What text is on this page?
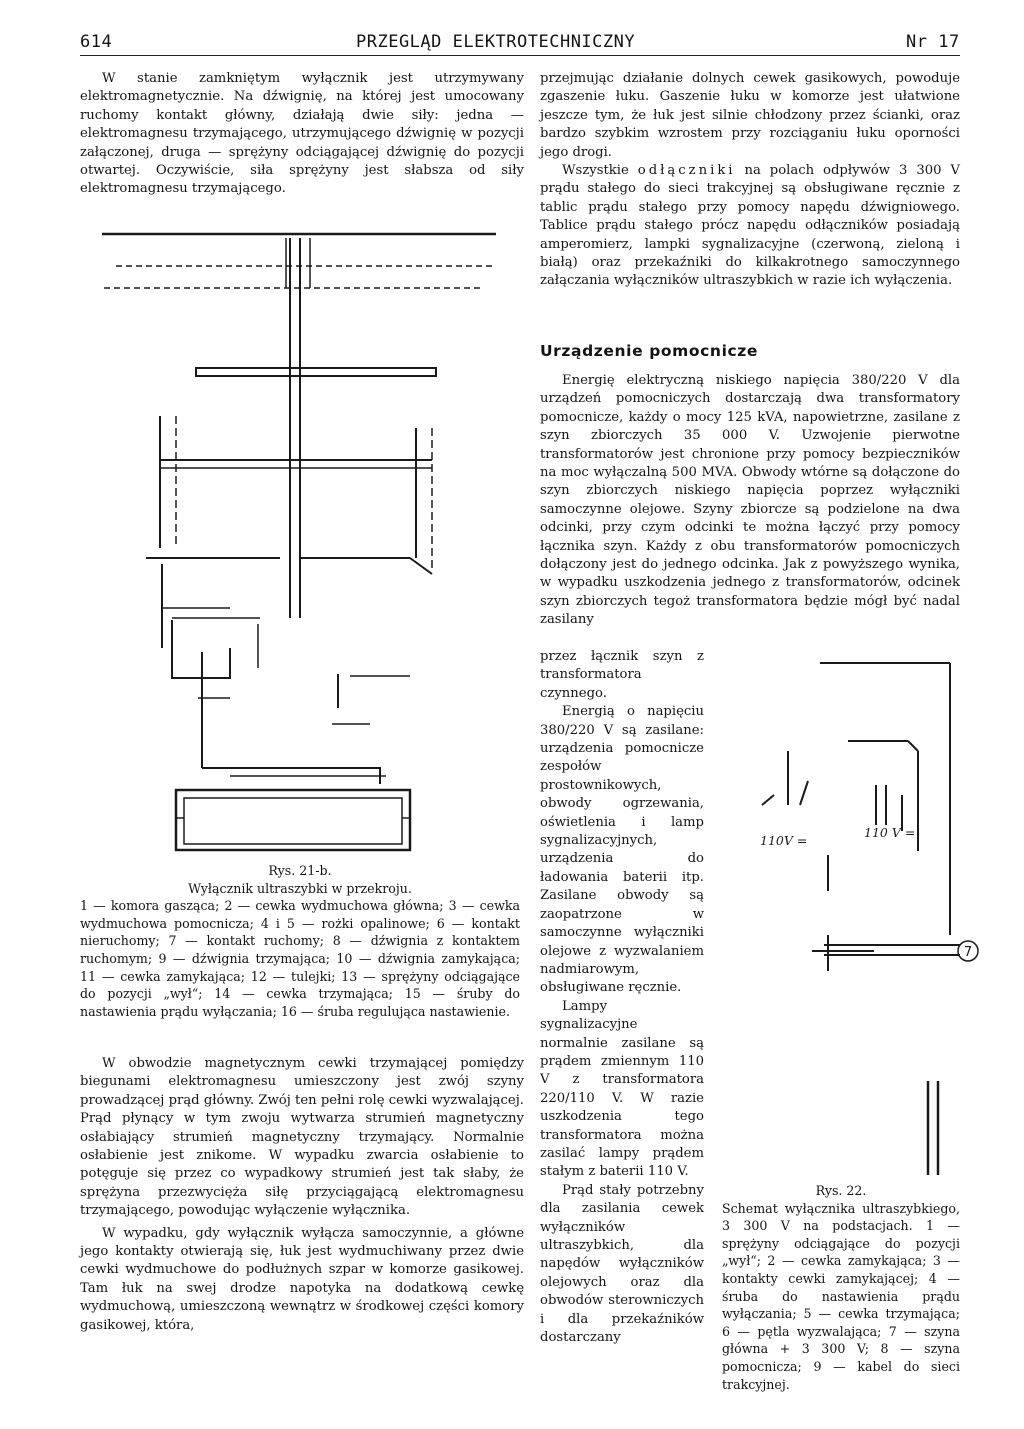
614	PRZEGLĄD ELEKTROTECHNICZNY	Nr 17

W stanie zamkniętym wyłącznik jest utrzymywany elektromagnetycznie. Na dźwignię, na której jest umocowany ruchomy kontakt główny, działają dwie siły: jedna — elektromagnesu trzymającego, utrzymującego dźwignię w pozycji załączonej, druga — sprężyny odciągającej dźwignię do pozycji otwartej. Oczywiście, siła sprężyny jest słabsza od siły elektromagnesu trzymającego.

Rys. 21-b.

Wyłącznik ultraszybki w przekroju.

1 — komora gasząca; 2 — cewka wydmuchowa główna; 3 — cewka wydmuchowa pomocnicza; 4 i 5 — rożki opalinowe; 6 — kontakt nieruchomy; 7 — kontakt ruchomy; 8 — dźwignia z kontaktem ruchomym; 9 — dźwignia trzymająca; 10 — dźwignia zamykająca; 11 — cewka zamykająca; 12 — tulejki; 13 — sprężyny odciągające do pozycji „wył“; 14 — cewka trzymająca; 15 — śruby do nastawienia prądu wyłączania; 16 — śruba regulująca nastawienie.

W obwodzie magnetycznym cewki trzymającej pomiędzy biegunami elektromagnesu umieszczony jest zwój szyny prowadzącej prąd główny. Zwój ten pełni rolę cewki wyzwalającej. Prąd płynący w tym zwoju wytwarza strumień magnetyczny osłabiający strumień magnetyczny trzymający. Normalnie osłabienie jest znikome. W wypadku zwarcia osłabienie to potęguje się przez co wypadkowy strumień jest tak słaby, że sprężyna przezwycięża siłę przyciągającą elektromagnesu trzymającego, powodując wyłączenie wyłącznika.

W wypadku, gdy wyłącznik wyłącza samoczynnie, a główne jego kontakty otwierają się, łuk jest wydmuchiwany przez dwie cewki wydmuchowe do podłużnych szpar w komorze gasikowej. Tam łuk na swej drodze napotyka na dodatkową cewkę wydmuchową, umieszczoną wewnątrz w środkowej części komory gasikowej, która,

przejmując działanie dolnych cewek gasikowych, powoduje zgaszenie łuku. Gaszenie łuku w komorze jest ułatwione jeszcze tym, że łuk jest silnie chłodzony przez ścianki, oraz bardzo szybkim wzrostem przy rozciąganiu łuku oporności jego drogi.

Wszystkie odłączniki na polach odpływów 3 300 V prądu stałego do sieci trakcyjnej są obsługiwane ręcznie z tablic prądu stałego przy pomocy napędu dźwigniowego. Tablice prądu stałego prócz napędu odłączników posiadają amperomierz, lampki sygnalizacyjne (czerwoną, zieloną i białą) oraz przekaźniki do kilkakrotnego samoczynnego załączania wyłączników ultraszybkich w razie ich wyłączenia.

Urządzenie pomocnicze

Energię elektryczną niskiego napięcia 380/220 V dla urządzeń pomocniczych dostarczają dwa transformatory pomocnicze, każdy o mocy 125 kVA, napowietrzne, zasilane z szyn zbiorczych 35 000 V. Uzwojenie pierwotne transformatorów jest chronione przy pomocy bezpieczników na moc wyłączalną 500 MVA. Obwody wtórne są dołączone do szyn zbiorczych niskiego napięcia poprzez wyłączniki samoczynne olejowe. Szyny zbiorcze są podzielone na dwa odcinki, przy czym odcinki te można łączyć przy pomocy łącznika szyn. Każdy z obu transformatorów pomocniczych dołączony jest do jednego odcinka. Jak z powyższego wynika, w wypadku uszkodzenia jednego z transformatorów, odcinek szyn zbiorczych tegoż transformatora będzie mógł być nadal zasilany

przez łącznik szyn z transformatora czynnego.

Energią o napięciu 380/220 V są zasilane: urządzenia pomocnicze zespołów prostownikowych, obwody ogrzewania, oświetlenia i lamp sygnalizacyjnych, urządzenia do ładowania baterii itp. Zasilane obwody są zaopatrzone w samoczynne wyłączniki olejowe z wyzwalaniem nadmiarowym, obsługiwane ręcznie.

Lampy sygnalizacyjne normalnie zasilane są prądem zmiennym 110 V z transformatora 220/110 V. W razie uszkodzenia tego transformatora można zasilać lampy prądem stałym z baterii 110 V.

Prąd stały potrzebny dla zasilania cewek wyłączników ultraszybkich, dla napędów wyłączników olejowych oraz dla obwodów sterowniczych i dla przekaźników dostarczany

110V =
110 V =
7

Rys. 22.

Schemat wyłącznika ultraszybkiego, 3 300 V na podstacjach. 1 — sprężyny odciągające do pozycji „wył“; 2 — cewka zamykająca; 3 — kontakty cewki zamykającej; 4 — śruba do nastawienia prądu wyłączania; 5 — cewka trzymająca; 6 — pętla wyzwalająca; 7 — szyna główna + 3 300 V; 8 — szyna pomocnicza; 9 — kabel do sieci trakcyjnej.
